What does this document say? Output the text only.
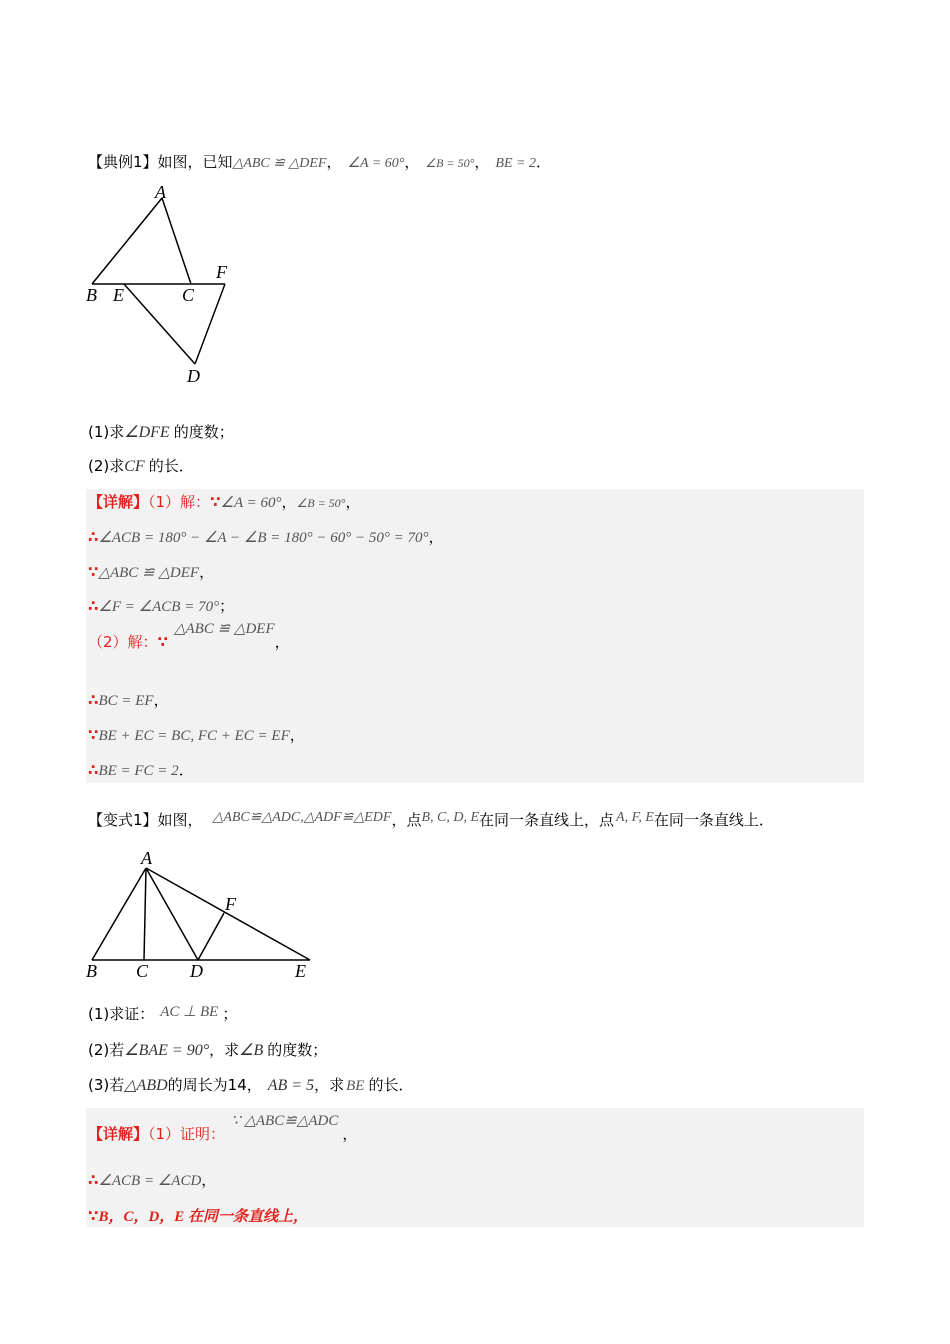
【典例1】如图，已知△ABC ≌ △DEF， ∠A = 60°， ∠B = 50°， BE = 2．
A
B E	C
F
D
(1)求∠DFE 的度数；
(2)求CF 的长．
【详解】（1）解：∵∠A = 60°，∠B = 50°，
∴∠ACB = 180° − ∠A − ∠B = 180° − 60° − 50° = 70°，
∵△ABC ≌ △DEF，
∴∠F = ∠ACB = 70°；
（2）解：∵△ABC ≌ △DEF，
∴BC = EF，
∵BE + EC = BC, FC + EC = EF，
∴BE = FC = 2．
【变式1】如图， △ABC≌△ADC,△ADF≌△EDF，点B, C, D, E在同一条直线上，点 A, F, E在同一条直线上．
A
F
B C D	E
(1)求证： AC ⊥ BE ；
(2)若∠BAE = 90°，求∠B 的度数；
(3)若△ABD的周长为14， AB = 5，求 BE 的长．
【详解】（1）证明：∵ △ABC≌△ADC，
∴∠ACB = ∠ACD，
∵B，C，D，E 在同一条直线上，
